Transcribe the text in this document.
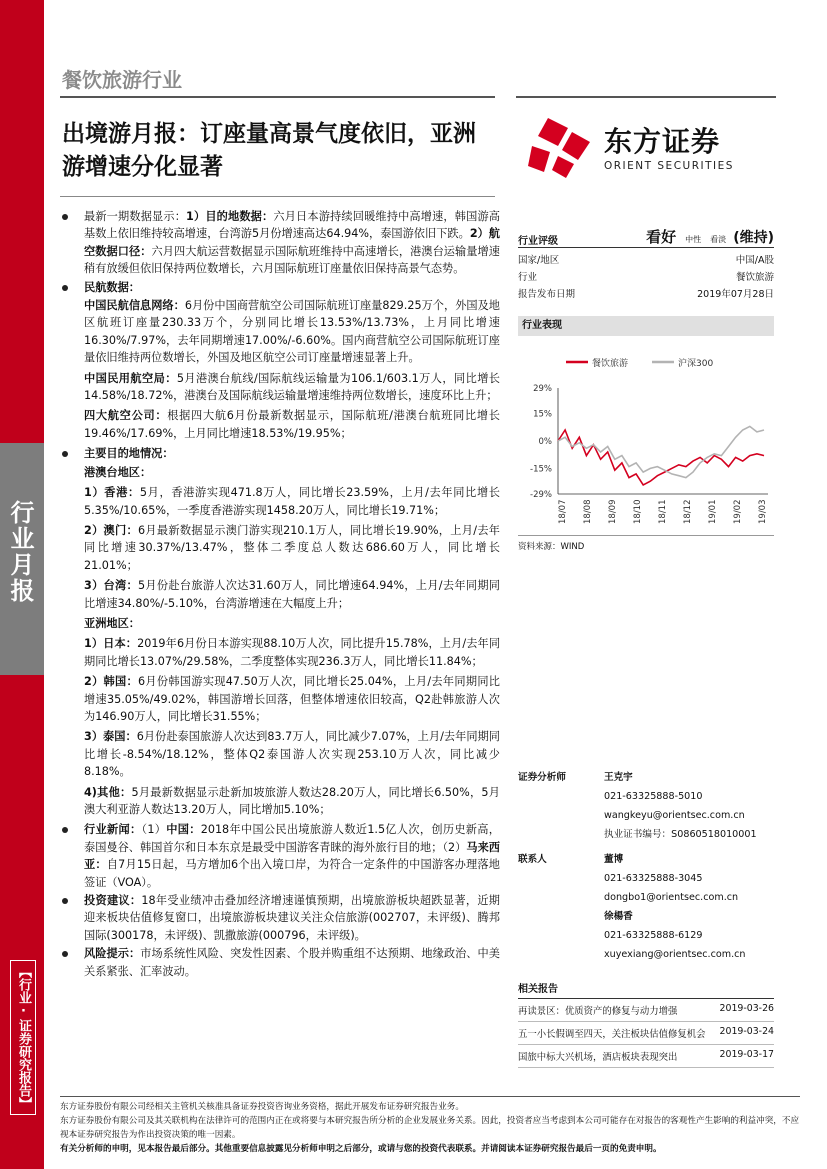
行业月报
【行业·证券研究报告】
餐饮旅游行业
出境游月报：订座量高景气度依旧，亚洲游增速分化显著
东方证券
ORIENT SECURITIES
最新一期数据显示：1）目的地数据：六月日本游持续回暖维持中高增速，韩国游高基数上依旧维持较高增速，台湾游5月份增速高达64.94%，泰国游依旧下跌。2）航空数据口径：六月四大航运营数据显示国际航班维持中高速增长，港澳台运输量增速稍有放缓但依旧保持两位数增长，六月国际航班订座量依旧保持高景气态势。
民航数据：
中国民航信息网络：6月份中国商营航空公司国际航班订座量829.25万个，外国及地区航班订座量230.33万个，分别同比增长13.53%/13.73%，上月同比增速16.30%/7.97%，去年同期增速17.00%/-6.60%。国内商营航空公司国际航班订座量依旧维持两位数增长，外国及地区航空公司订座量增速显著上升。
中国民用航空局：5月港澳台航线/国际航线运输量为106.1/603.1万人，同比增长14.58%/18.72%，港澳台及国际航线运输量增速维持两位数增长，速度环比上升；
四大航空公司：根据四大航6月份最新数据显示，国际航班/港澳台航班同比增长19.46%/17.69%，上月同比增速18.53%/19.95%；
主要目的地情况：
港澳台地区：
1）香港：5月，香港游实现471.8万人，同比增长23.59%，上月/去年同比增长5.35%/10.65%，一季度香港游实现1458.20万人，同比增长19.71%；
2）澳门：6月最新数据显示澳门游实现210.1万人，同比增长19.90%，上月/去年同比增速30.37%/13.47%，整体二季度总人数达686.60万人，同比增长21.01%；
3）台湾：5月份赴台旅游人次达31.60万人，同比增速64.94%，上月/去年同期同比增速34.80%/-5.10%，台湾游增速在大幅度上升；
亚洲地区：
1）日本：2019年6月份日本游实现88.10万人次，同比提升15.78%，上月/去年同期同比增长13.07%/29.58%，二季度整体实现236.3万人，同比增长11.84%；
2）韩国：6月份韩国游实现47.50万人次，同比增长25.04%，上月/去年同期同比增速35.05%/49.02%，韩国游增长回落，但整体增速依旧较高，Q2赴韩旅游人次为146.90万人，同比增长31.55%；
3）泰国：6月份赴泰国旅游人次达到83.7万人，同比减少7.07%，上月/去年同期同比增长-8.54%/18.12%，整体Q2泰国游人次实现253.10万人次，同比减少8.18%。
4)其他：5月最新数据显示赴新加坡旅游人数达28.20万人，同比增长6.50%，5月澳大利亚游人数达13.20万人，同比增加5.10%；
行业新闻：（1）中国：2018年中国公民出境旅游人数近1.5亿人次，创历史新高，泰国曼谷、韩国首尔和日本东京是最受中国游客青睐的海外旅行目的地；（2）马来西亚：自7月15日起，马方增加6个出入境口岸，为符合一定条件的中国游客办理落地签证（VOA）。
投资建议：18年受业绩冲击叠加经济增速谨慎预期，出境旅游板块超跌显著，近期迎来板块估值修复窗口，出境旅游板块建议关注众信旅游(002707，未评级)、腾邦国际(300178，未评级)、凯撒旅游(000796，未评级)。
风险提示：市场系统性风险、突发性因素、个股并购重组不达预期、地缘政治、中美关系紧张、汇率波动。
行业评级	看好 中性 看淡 (维持)
国家/地区	中国/A股
行业	餐饮旅游
报告发布日期	2019年07月28日
行业表现
餐饮旅游	沪深300
29%
15%
0%
-15%
-29%
18/07 18/08 18/09 18/10 18/11 18/12 19/01 19/02 19/03
资料来源：WIND
证券分析师	王克宇
021-63325888-5010
wangkeyu@orientsec.com.cn
执业证书编号：S0860518010001
联系人	董博
021-63325888-3045
dongbo1@orientsec.com.cn
徐楊香
021-63325888-6129
xuyexiang@orientsec.com.cn
相关报告
再读景区：优质资产的修复与动力增强	2019-03-26
五一小长假调至四天，关注板块估值修复机会 2019-03-24
国旅中标大兴机场，酒店板块表现突出	2019-03-17
东方证券股份有限公司经相关主管机关核准具备证券投资咨询业务资格，据此开展发布证券研究报告业务。
东方证券股份有限公司及其关联机构在法律许可的范围内正在或将要与本研究报告所分析的企业发展业务关系。因此，投资者应当考虑到本公司可能存在对报告的客观性产生影响的利益冲突，不应视本证券研究报告为作出投资决策的唯一因素。
有关分析师的申明，见本报告最后部分。其他重要信息披露见分析师申明之后部分，或请与您的投资代表联系。并请阅读本证券研究报告最后一页的免责申明。
